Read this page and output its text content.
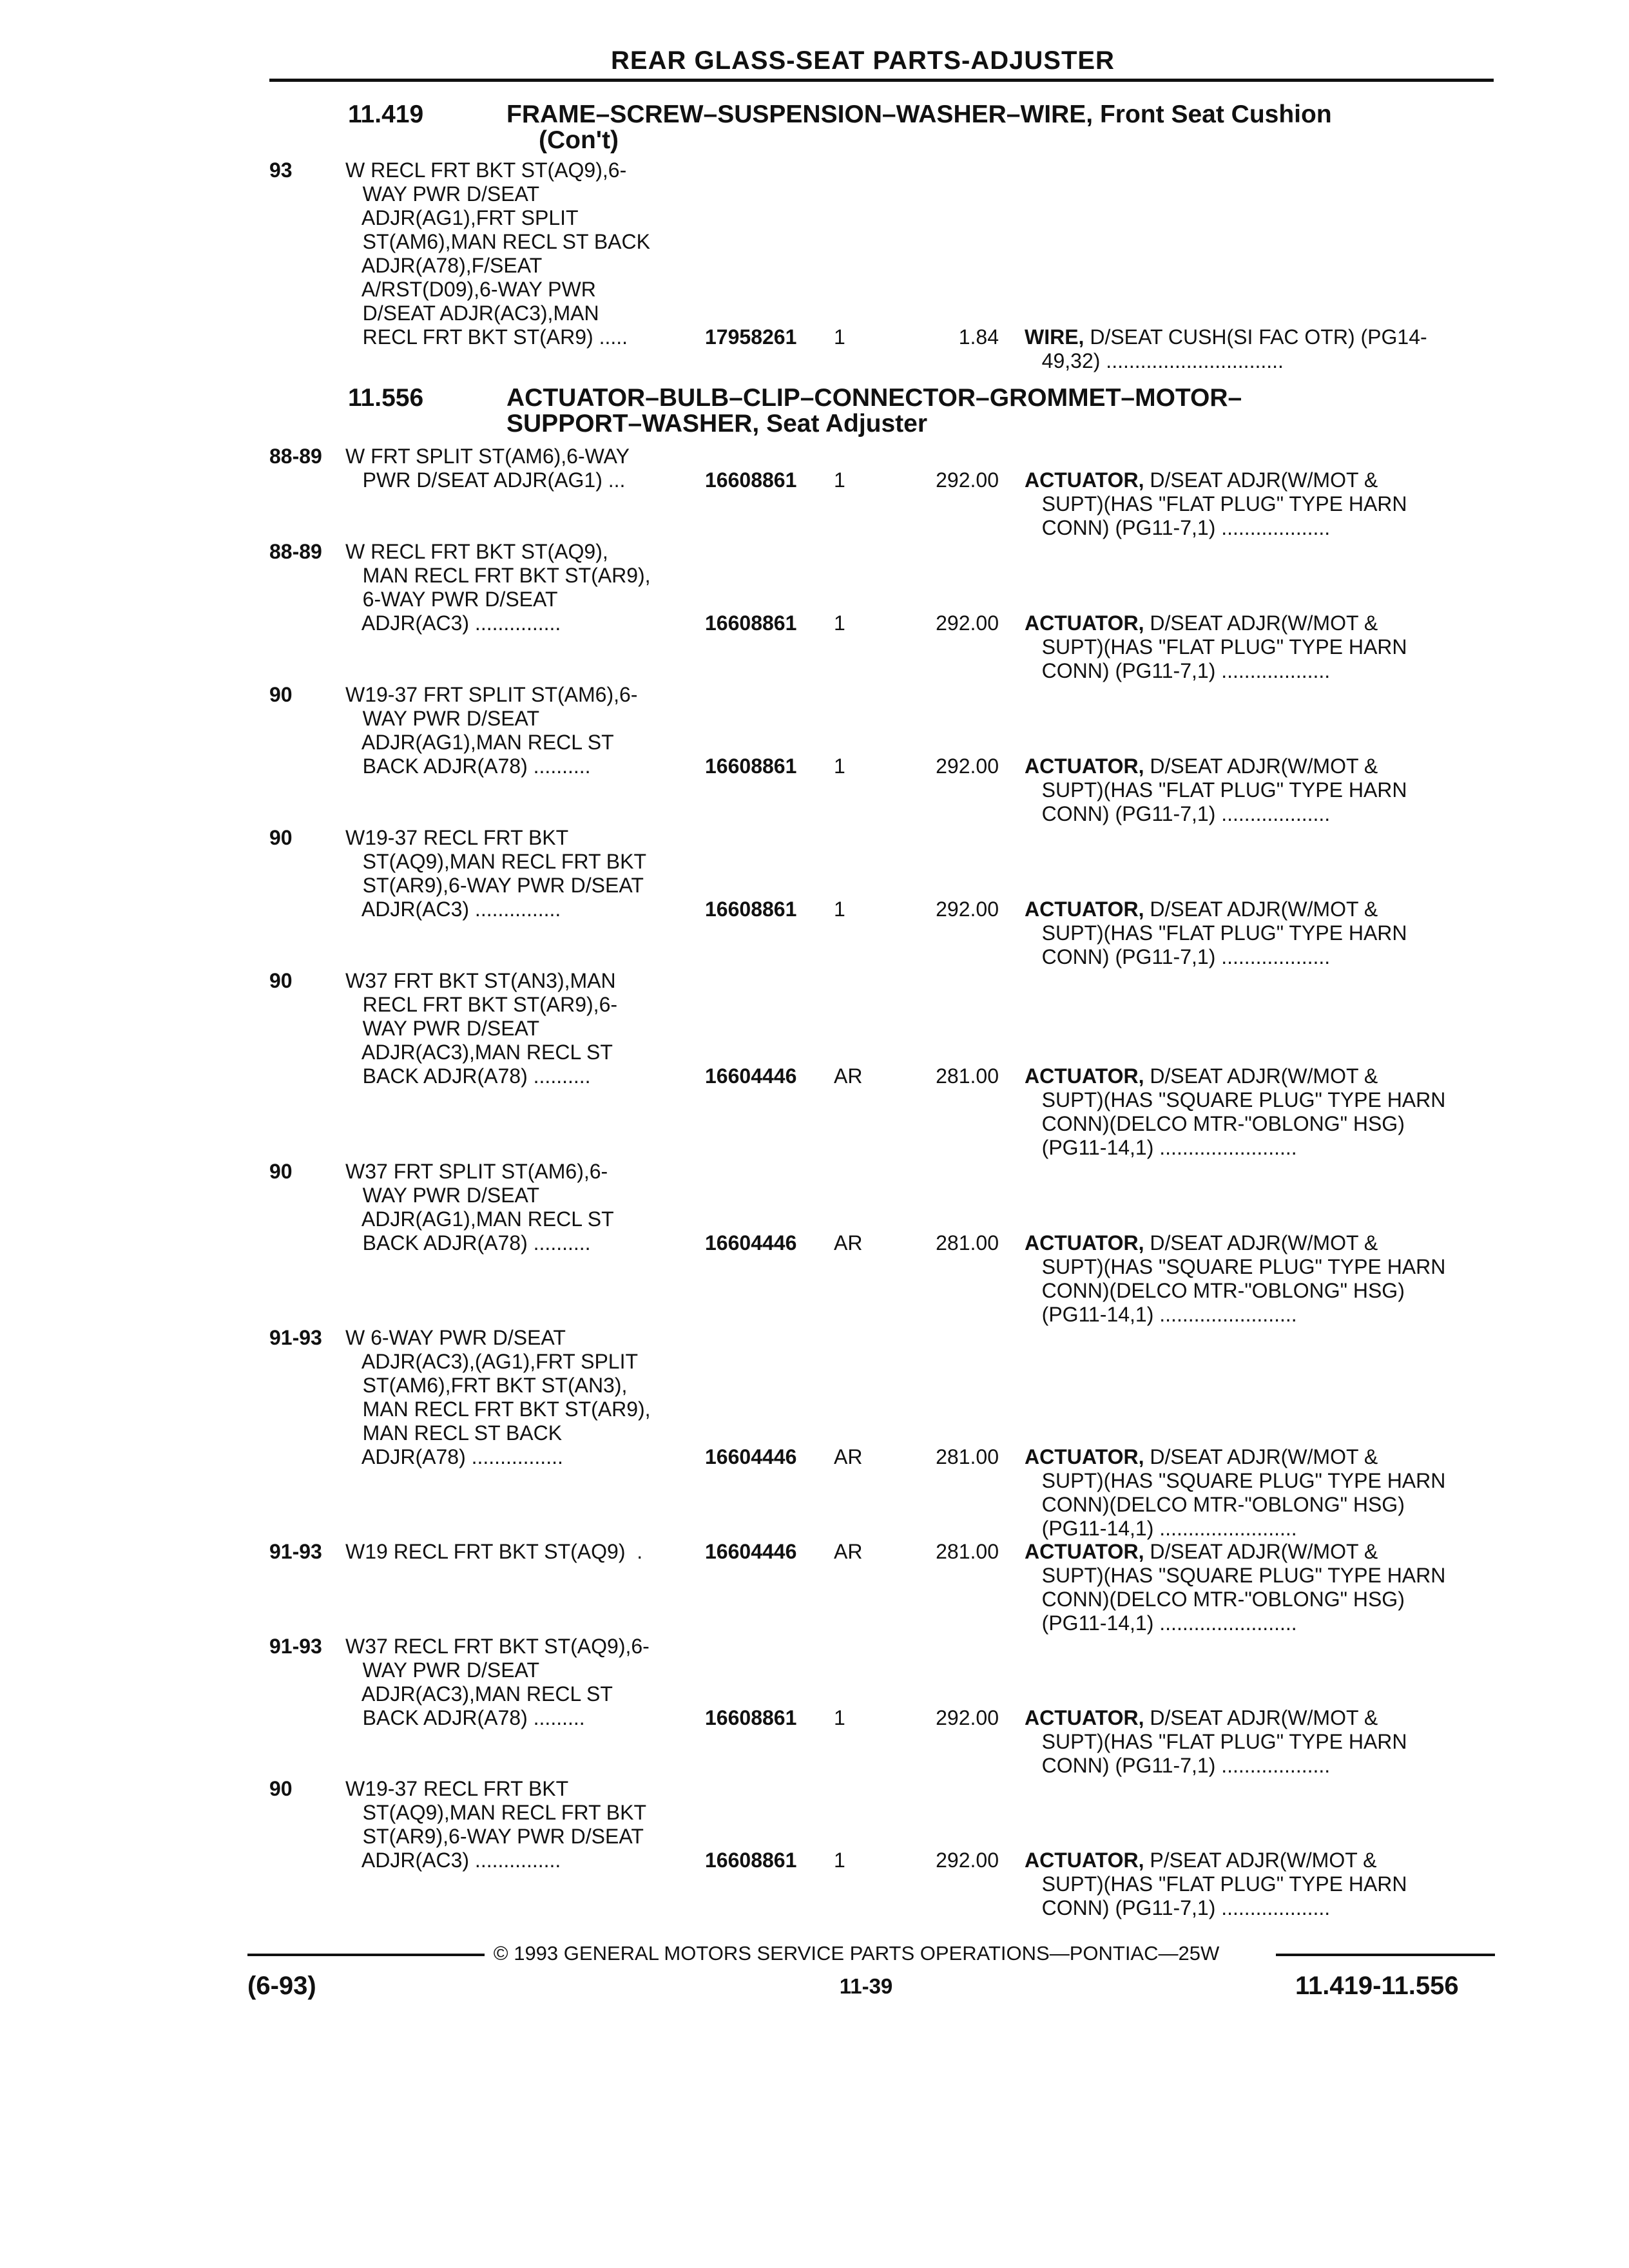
REAR GLASS-SEAT PARTS-ADJUSTER
11.419	FRAME–SCREW–SUSPENSION–WASHER–WIRE, Front Seat Cushion
(Con't)
93	W RECL FRT BKT ST(AQ9),6-
WAY PWR D/SEAT
ADJR(AG1),FRT SPLIT
ST(AM6),MAN RECL ST BACK
ADJR(A78),F/SEAT
A/RST(D09),6-WAY PWR
D/SEAT ADJR(AC3),MAN
RECL FRT BKT ST(AR9) .....	17958261 1	1.84 WIRE, D/SEAT CUSH(SI FAC OTR) (PG14-
49,32) ...............................
11.556	ACTUATOR–BULB–CLIP–CONNECTOR–GROMMET–MOTOR–
SUPPORT–WASHER, Seat Adjuster
88-89 W FRT SPLIT ST(AM6),6-WAY
PWR D/SEAT ADJR(AG1) ...	16608861 1	292.00 ACTUATOR, D/SEAT ADJR(W/MOT &
SUPT)(HAS "FLAT PLUG" TYPE HARN
CONN) (PG11-7,1) ...................
88-89 W RECL FRT BKT ST(AQ9),
MAN RECL FRT BKT ST(AR9),
6-WAY PWR D/SEAT
ADJR(AC3) ...............	16608861 1	292.00 ACTUATOR, D/SEAT ADJR(W/MOT &
SUPT)(HAS "FLAT PLUG" TYPE HARN
CONN) (PG11-7,1) ...................
90	W19-37 FRT SPLIT ST(AM6),6-
WAY PWR D/SEAT
ADJR(AG1),MAN RECL ST
BACK ADJR(A78) ..........	16608861 1	292.00 ACTUATOR, D/SEAT ADJR(W/MOT &
SUPT)(HAS "FLAT PLUG" TYPE HARN
CONN) (PG11-7,1) ...................
90	W19-37 RECL FRT BKT
ST(AQ9),MAN RECL FRT BKT
ST(AR9),6-WAY PWR D/SEAT
ADJR(AC3) ...............	16608861 1	292.00 ACTUATOR, D/SEAT ADJR(W/MOT &
SUPT)(HAS "FLAT PLUG" TYPE HARN
CONN) (PG11-7,1) ...................
90	W37 FRT BKT ST(AN3),MAN
RECL FRT BKT ST(AR9),6-
WAY PWR D/SEAT
ADJR(AC3),MAN RECL ST
BACK ADJR(A78) ..........	16604446 AR	281.00 ACTUATOR, D/SEAT ADJR(W/MOT &
SUPT)(HAS "SQUARE PLUG" TYPE HARN
CONN)(DELCO MTR-"OBLONG" HSG)
(PG11-14,1) ........................
90	W37 FRT SPLIT ST(AM6),6-
WAY PWR D/SEAT
ADJR(AG1),MAN RECL ST
BACK ADJR(A78) ..........	16604446 AR	281.00 ACTUATOR, D/SEAT ADJR(W/MOT &
SUPT)(HAS "SQUARE PLUG" TYPE HARN
CONN)(DELCO MTR-"OBLONG" HSG)
(PG11-14,1) ........................
91-93 W 6-WAY PWR D/SEAT
ADJR(AC3),(AG1),FRT SPLIT
ST(AM6),FRT BKT ST(AN3),
MAN RECL FRT BKT ST(AR9),
MAN RECL ST BACK
ADJR(A78) ................	16604446 AR	281.00 ACTUATOR, D/SEAT ADJR(W/MOT &
SUPT)(HAS "SQUARE PLUG" TYPE HARN
CONN)(DELCO MTR-"OBLONG" HSG)
(PG11-14,1) ........................
91-93 W19 RECL FRT BKT ST(AQ9)  .	16604446 AR	281.00 ACTUATOR, D/SEAT ADJR(W/MOT &
SUPT)(HAS "SQUARE PLUG" TYPE HARN
CONN)(DELCO MTR-"OBLONG" HSG)
(PG11-14,1) ........................
91-93 W37 RECL FRT BKT ST(AQ9),6-
WAY PWR D/SEAT
ADJR(AC3),MAN RECL ST
BACK ADJR(A78) .........	16608861 1	292.00 ACTUATOR, D/SEAT ADJR(W/MOT &
SUPT)(HAS "FLAT PLUG" TYPE HARN
CONN) (PG11-7,1) ...................
90	W19-37 RECL FRT BKT
ST(AQ9),MAN RECL FRT BKT
ST(AR9),6-WAY PWR D/SEAT
ADJR(AC3) ...............	16608861 1	292.00 ACTUATOR, P/SEAT ADJR(W/MOT &
SUPT)(HAS "FLAT PLUG" TYPE HARN
CONN) (PG11-7,1) ...................
© 1993 GENERAL MOTORS SERVICE PARTS OPERATIONS—PONTIAC—25W
(6-93)	11-39	11.419-11.556
